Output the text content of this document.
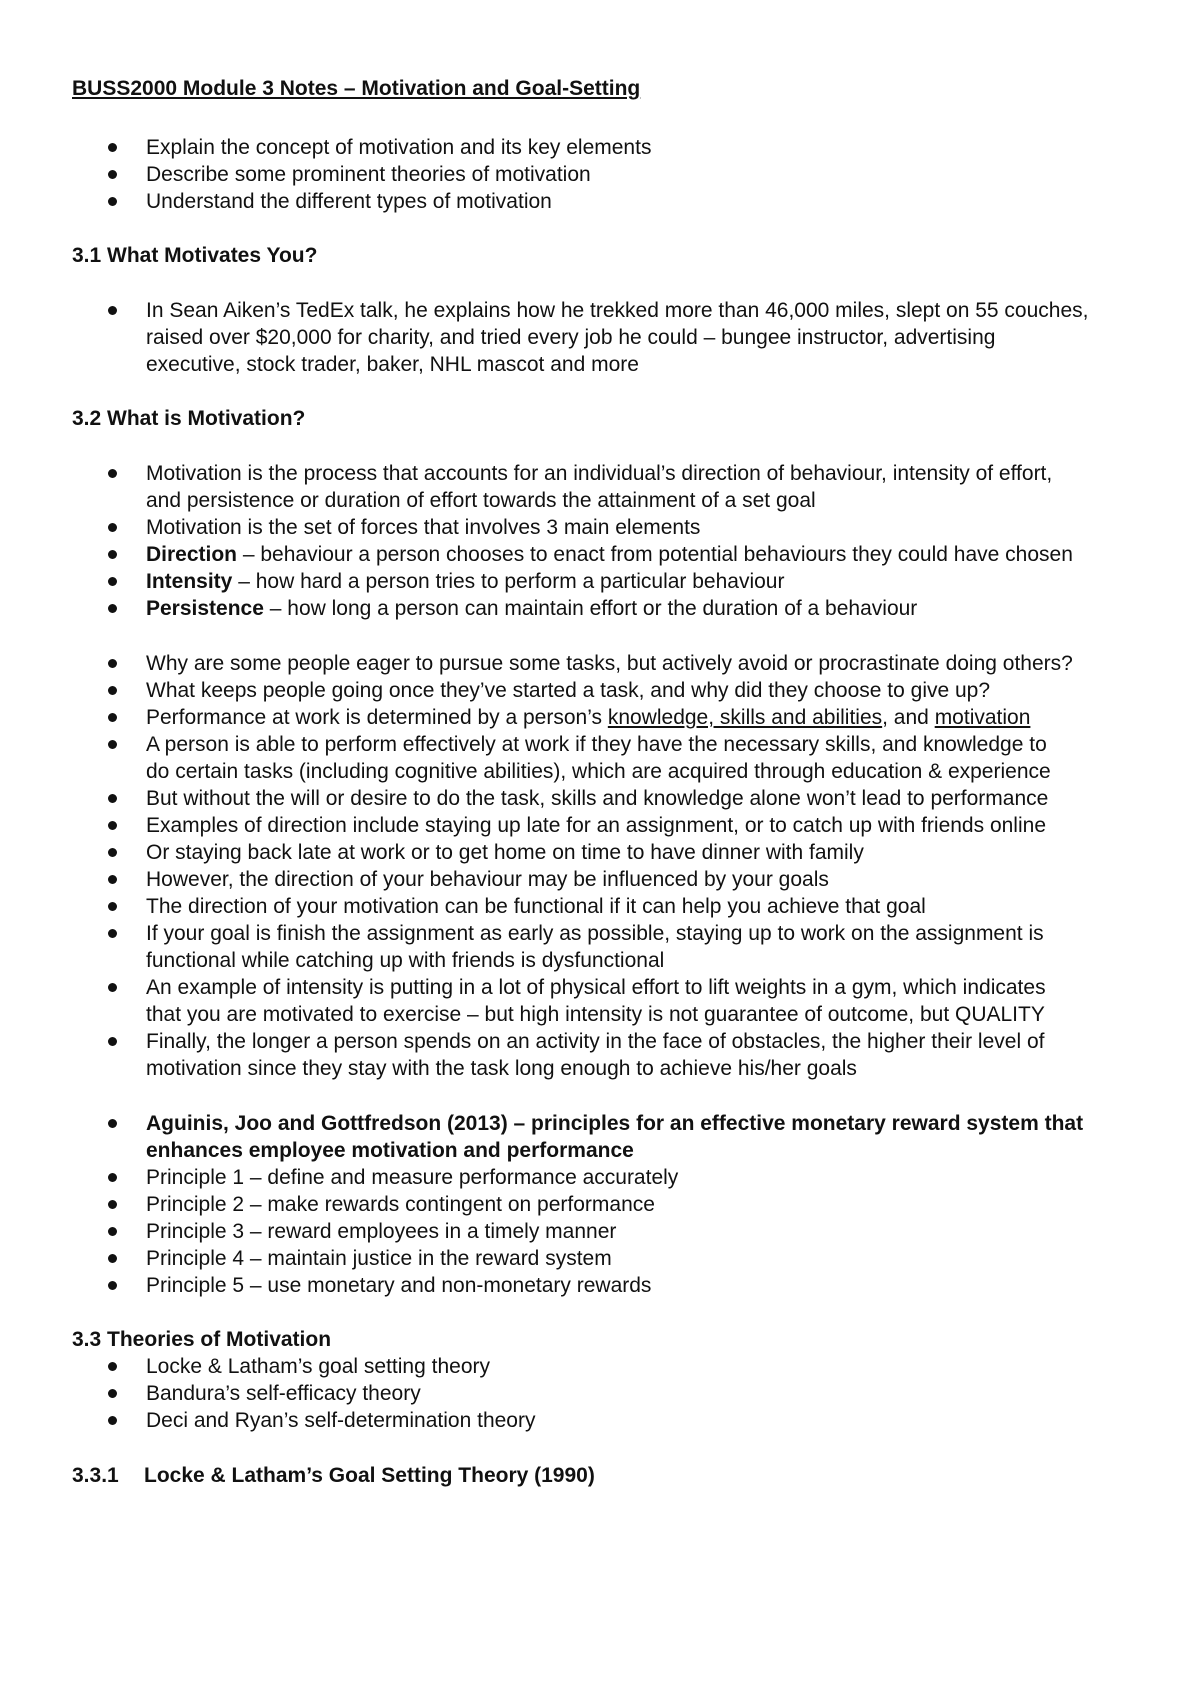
BUSS2000 Module 3 Notes – Motivation and Goal-Setting
Explain the concept of motivation and its key elements
Describe some prominent theories of motivation
Understand the different types of motivation
3.1 What Motivates You?
In Sean Aiken’s TedEx talk, he explains how he trekked more than 46,000 miles, slept on 55 couches,
raised over $20,000 for charity, and tried every job he could – bungee instructor, advertising
executive, stock trader, baker, NHL mascot and more
3.2 What is Motivation?
Motivation is the process that accounts for an individual’s direction of behaviour, intensity of effort,
and persistence or duration of effort towards the attainment of a set goal
Motivation is the set of forces that involves 3 main elements
Direction – behaviour a person chooses to enact from potential behaviours they could have chosen
Intensity – how hard a person tries to perform a particular behaviour
Persistence – how long a person can maintain effort or the duration of a behaviour
Why are some people eager to pursue some tasks, but actively avoid or procrastinate doing others?
What keeps people going once they’ve started a task, and why did they choose to give up?
Performance at work is determined by a person’s knowledge, skills and abilities, and motivation
A person is able to perform effectively at work if they have the necessary skills, and knowledge to
do certain tasks (including cognitive abilities), which are acquired through education & experience
But without the will or desire to do the task, skills and knowledge alone won’t lead to performance
Examples of direction include staying up late for an assignment, or to catch up with friends online
Or staying back late at work or to get home on time to have dinner with family
However, the direction of your behaviour may be influenced by your goals
The direction of your motivation can be functional if it can help you achieve that goal
If your goal is finish the assignment as early as possible, staying up to work on the assignment is
functional while catching up with friends is dysfunctional
An example of intensity is putting in a lot of physical effort to lift weights in a gym, which indicates
that you are motivated to exercise – but high intensity is not guarantee of outcome, but QUALITY
Finally, the longer a person spends on an activity in the face of obstacles, the higher their level of
motivation since they stay with the task long enough to achieve his/her goals
Aguinis, Joo and Gottfredson (2013) – principles for an effective monetary reward system that
enhances employee motivation and performance
Principle 1 – define and measure performance accurately
Principle 2 – make rewards contingent on performance
Principle 3 – reward employees in a timely manner
Principle 4 – maintain justice in the reward system
Principle 5 – use monetary and non-monetary rewards
3.3 Theories of Motivation
Locke & Latham’s goal setting theory
Bandura’s self-efficacy theory
Deci and Ryan’s self-determination theory
3.3.1 Locke & Latham’s Goal Setting Theory (1990)
